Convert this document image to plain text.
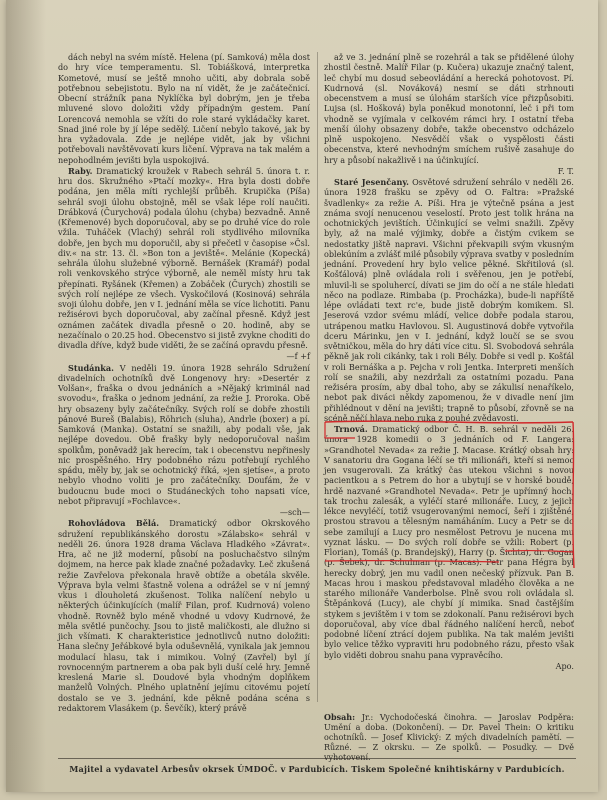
dách nebyl na svém místě. Helena (pí. Samková) měla dost do hry více temperamentu. Sl. Tobiášková, interpretka Kometové, musí se ještě mnoho učiti, aby dobrala sobě potřebnou sebejistotu. Bylo na ní vidět, že je začátečnicí. Obecní strážník pana Nyklíčka byl dobrým, jen je třeba mluvené slovo doložiti vždy případným gestem. Paní Lorencová nemohla se vžíti do role staré vykládačky karet. Snad jiné role by jí lépe sedělý. Ličení nebylo takové, jak by hra vyžadovala. Zde je nejlépe vidět, jak by všichni potřebovali navštěvovati kurs ličení. Výprava na tak malém a nepohodlném jevišti byla uspokojivá.

Raby. Dramatický kroužek v Rabech sehrál 5. února t. r. hru dos. Skružného »Ptačí mozky«. Hra byla dosti dobře podána, jen měla míti rychlejší průběh. Krupička (Píša) sehrál svoji úlohu obstojně, měl se však lépe rolí naučiti. Drábková (Čurychová) podala úlohu (chyba) bezvadně. Anně (Křemenové) bych doporučoval, aby se po druhé více do role vžila. Tuháček (Vlachý) sehrál roli stydlivého milovníka dobře, jen bych mu doporučil, aby si přečetl v časopise »Čsl. div.« na str. 13. čl. »Bon ton a jeviště«. Melánie (Kopecká) sehrála úlohu služebné výborně. Bernášek (Kramář) podal roli venkovského strýce výborně, ale neměl místy hru tak přepínati. Ryšánek (Křemen) a Zobáček (Čurych) zhostili se svých rolí nejlépe ze všech. Vyskočilová (Kosinová) sehrála svoji úlohu dobře, jen v I. jednání měla se více lichotiti. Panu režisérovi bych doporučoval, aby začínal přesně. Když jest oznámen začátek divadla přesně o 20. hodině, aby se nezačínalo o 20.25 hod. Obecenstvo si jistě zvykne choditi do divadla dříve, když bude viděti, že se začíná opravdu přesně.

—f +f

Studánka. V neděli 19. února 1928 sehrálo Sdružení divadelních ochotníků dvě Longenovy hry: »Desertér z Volšan«, fraška o dvou jednáních a »Nějaký kriminál nad svovodu«, fraška o jednom jednání, za režie J. Proroka. Obě hry obsazeny byly začátečníky. Svých rolí se dobře zhostili pánové Bureš (Balabis), Röhrich (sluha), Andrle (boxer) a pí. Samková (Manka). Ostatní se snažili, aby podali vše, jak nejlépe dovedou. Obě frašky byly nedoporučoval našim spolkům, poněvadž jak herecím, tak i obecenstvu nepřinesly nic prospěšného. Hry podobného rázu potřebují rychlého spádu, měly by, jak se ochotnický říká, »jen sjetíse«, a proto nebylo vhodno voliti je pro začátečníky. Doufám, že v budoucnu bude moci o Studáneckých toho napsati více, nebot připravují »Fochlavce«.

—sch—

Rohovládova Bělá. Dramatický odbor Okrskového sdružení republikánského dorostu »Zálabsko« sehrál v neděli 26. února 1928 drama Václava Hladkého »Závrat«. Hra, ač ne již moderní, působí na posluchačstvo silným dojmem, na herce pak klade značné požadavky. Leč zkušená režie Zavřelova překonala hravě obtíže a obetála skvěle. Výprava byla velmi šťastně volena a odrážel se v ní jemný vkus i dlouholetá zkušenost. Tolika nalíčení nebylo u některých účinkujících (malíř Filan, prof. Kudrnová) voleno vhodně. Rovněž bylo méně vhodné u vdovy Kudrnové, že měla světlé punčochy. Jsou to jistě maličkosti, ale dlužno si jich všímati. K charakteristice jednotlivců nutno doložiti: Hana slečny Jeřábkové byla oduševnělá, vynikala jak jemnou modulací hlasu, tak i mimikou. Volný (Zavřel) byl jí rovnocenným partnerem a oba pak byli duší celé hry. Jemně kreslená Marie sl. Doudové byla vhodným doplňkem manželů Volných. Plného uplatnění jejímu citovému pojetí dostalo se ve 3. jednání, kde pěkně podána scéna s redaktorem Vlasákem (p. Ševčík), který právě

až ve 3. jednání plně se rozehrál a tak se přidělené úlohy zhostil čestně. Malíř Filar (p. Kučera) ukazuje značný talent, leč chybí mu dosud sebeovládání a herecká pohotovost. Pí. Kudrnová (sl. Nováková) nesmí se dáti strhnouti obecenstvem a musí se úlohám starších více přizpůsobiti. Lujsa (sl. Hošková) byla poněkud monotonní, leč i při tom vhodně se vyjímala v celkovém rámci hry. I ostatní třeba menší úlohy obsazeny dobře, takže obecenstvo odcházelo plně uspokojeno. Nesvědčí však o vyspělosti části obecenstva, které nevhodným smíchem rušivě zasahuje do hry a působí nakažlivě i na účinkující.

F. T.

Staré Jesenčany. Osvětové sdružení sehrálo v neděli 26. února 1928 frašku se zpěvy od O. Faltra: »Pražské švadlenky« za režie A. Píši. Hra je výtečně psána a jest známa svojí nenucenou veselostí. Proto jest tolik hrána na ochotnických jevištích. Účinkující se velmi snažili. Zpěvy byly, až na malé výjimky, dobře a čistým cvikem se nedostatky jiště napravi. Všichni překvapili svým vkusným oblekúním a zvlášť milé působily výprava svatby v posledním jednání. Provedení hry bylo velice pěkné. Skřitilová (sl. Košťálová) plně ovládala roli i svěřenou, jen je potřebí, mluvil-li se spoluhercí, dívati se jim do očí a ne stále hledati něco na podlaze. Rimbaba (p. Procházka), bude-li napříště lépe ovládati text rc'e, bude jistě dobrým komikem. Sl. Jeserová vzdor svému mládí, velice dobře podala starou, utrápenou matku Havlovou. Sl. Augustinová dobře vytvořila dceru Márinku, jen v I. jednání, když loučí se se svou světničkou, měla do hry dáti více citu. Sl. Svobodová sehrála pěkně jak roli cikánky, tak i roli Bély. Dobře si vedl p. Košťál v roli Bernáška a p. Pejcha v roli Jentka. Interpreti menších rolí se snažili, aby nezdržali za ostatními pozadu. Pana režiséra prosím, aby dbal toho, aby se zákulisí nenaříkelo, nebot pak diváci někdy zapomenou, že v divadle není jim přihlédnout v dění na jevišti; trapně to působí, zřovně se na scéně něčí hlava nebo ruka z pouhé zvědavosti.

Trnová. Dramatický odbor Č. H. B. sehrál v neděli 26. února 1928 komedii o 3 jednáních od F. Langera: »Grandhotel Nevada« za režie J. Macase. Krátký obsah hry: V sanatoriu dra Gogana léčí se tři milionáři, kteří si nemoc jen vsugerovali. Za krátký čas utekou všichni s novou pacientkou a s Petrem do hor a ubytují se v horské boudě, hrdě nazvané »Grandhotel Nevada«. Petr je upřímný hoch, tak trochu zalesák, a vyléčí staré milionáře. Lucy, z jejich lékce nevyléčí, totiž vsugerovanými nemocí, šeří i zjištěné, prostou stravou a tělesným namáháním. Lucy a Petr se do sebe zamilují a Lucy pro nesmělost Petrovu je nucena mu vyznat lásku. — Do svých rolí dobře se vžili: Robert (p. Florian), Tomáš (p. Brandejský), Harry (p. Šichta), dr. Gogan (p. Šebek), dr. Schulman (p. Macas). Petr pana Hégra byl herecky dobrý, jen mu vadil onen nečeský přízvuk. Pan B. Macas hrou i maskou představoval mladého člověka a ne starého milionáře Vanderbolse. Plně svou roli ovládala sl. Štěpánková (Lucy), ale chybí jí mimika. Snad častějším stykem s jevištěm i v tom se zdokonalí. Panu režisérovi bych doporučoval, aby více dbal řádného nalíčení herců, neboť podobné líčení ztrácí dojem publika. Na tak malém jevišti bylo velice těžko vypraviti hru podobného rázu, přesto však bylo viděti dobrou snahu pana vypravěcího.

Apo.

Obsah: Jr.: Vychodočeská činohra. — Jaroslav Podpěra: Umění a doba. (Dokončení). — Dr. Pavel Thein: O kritiku ochotníků. — Josef Klivický: Z mých divadelních pamětí. — Různé. — Z okrsku. — Ze spolků. — Posudky. — Dvě
Majitel a vydavatel Arbesův okrsek ÚMDOČ. v Pardubicích. Tiskem Společné knihtiskárny v Pardubicích.
